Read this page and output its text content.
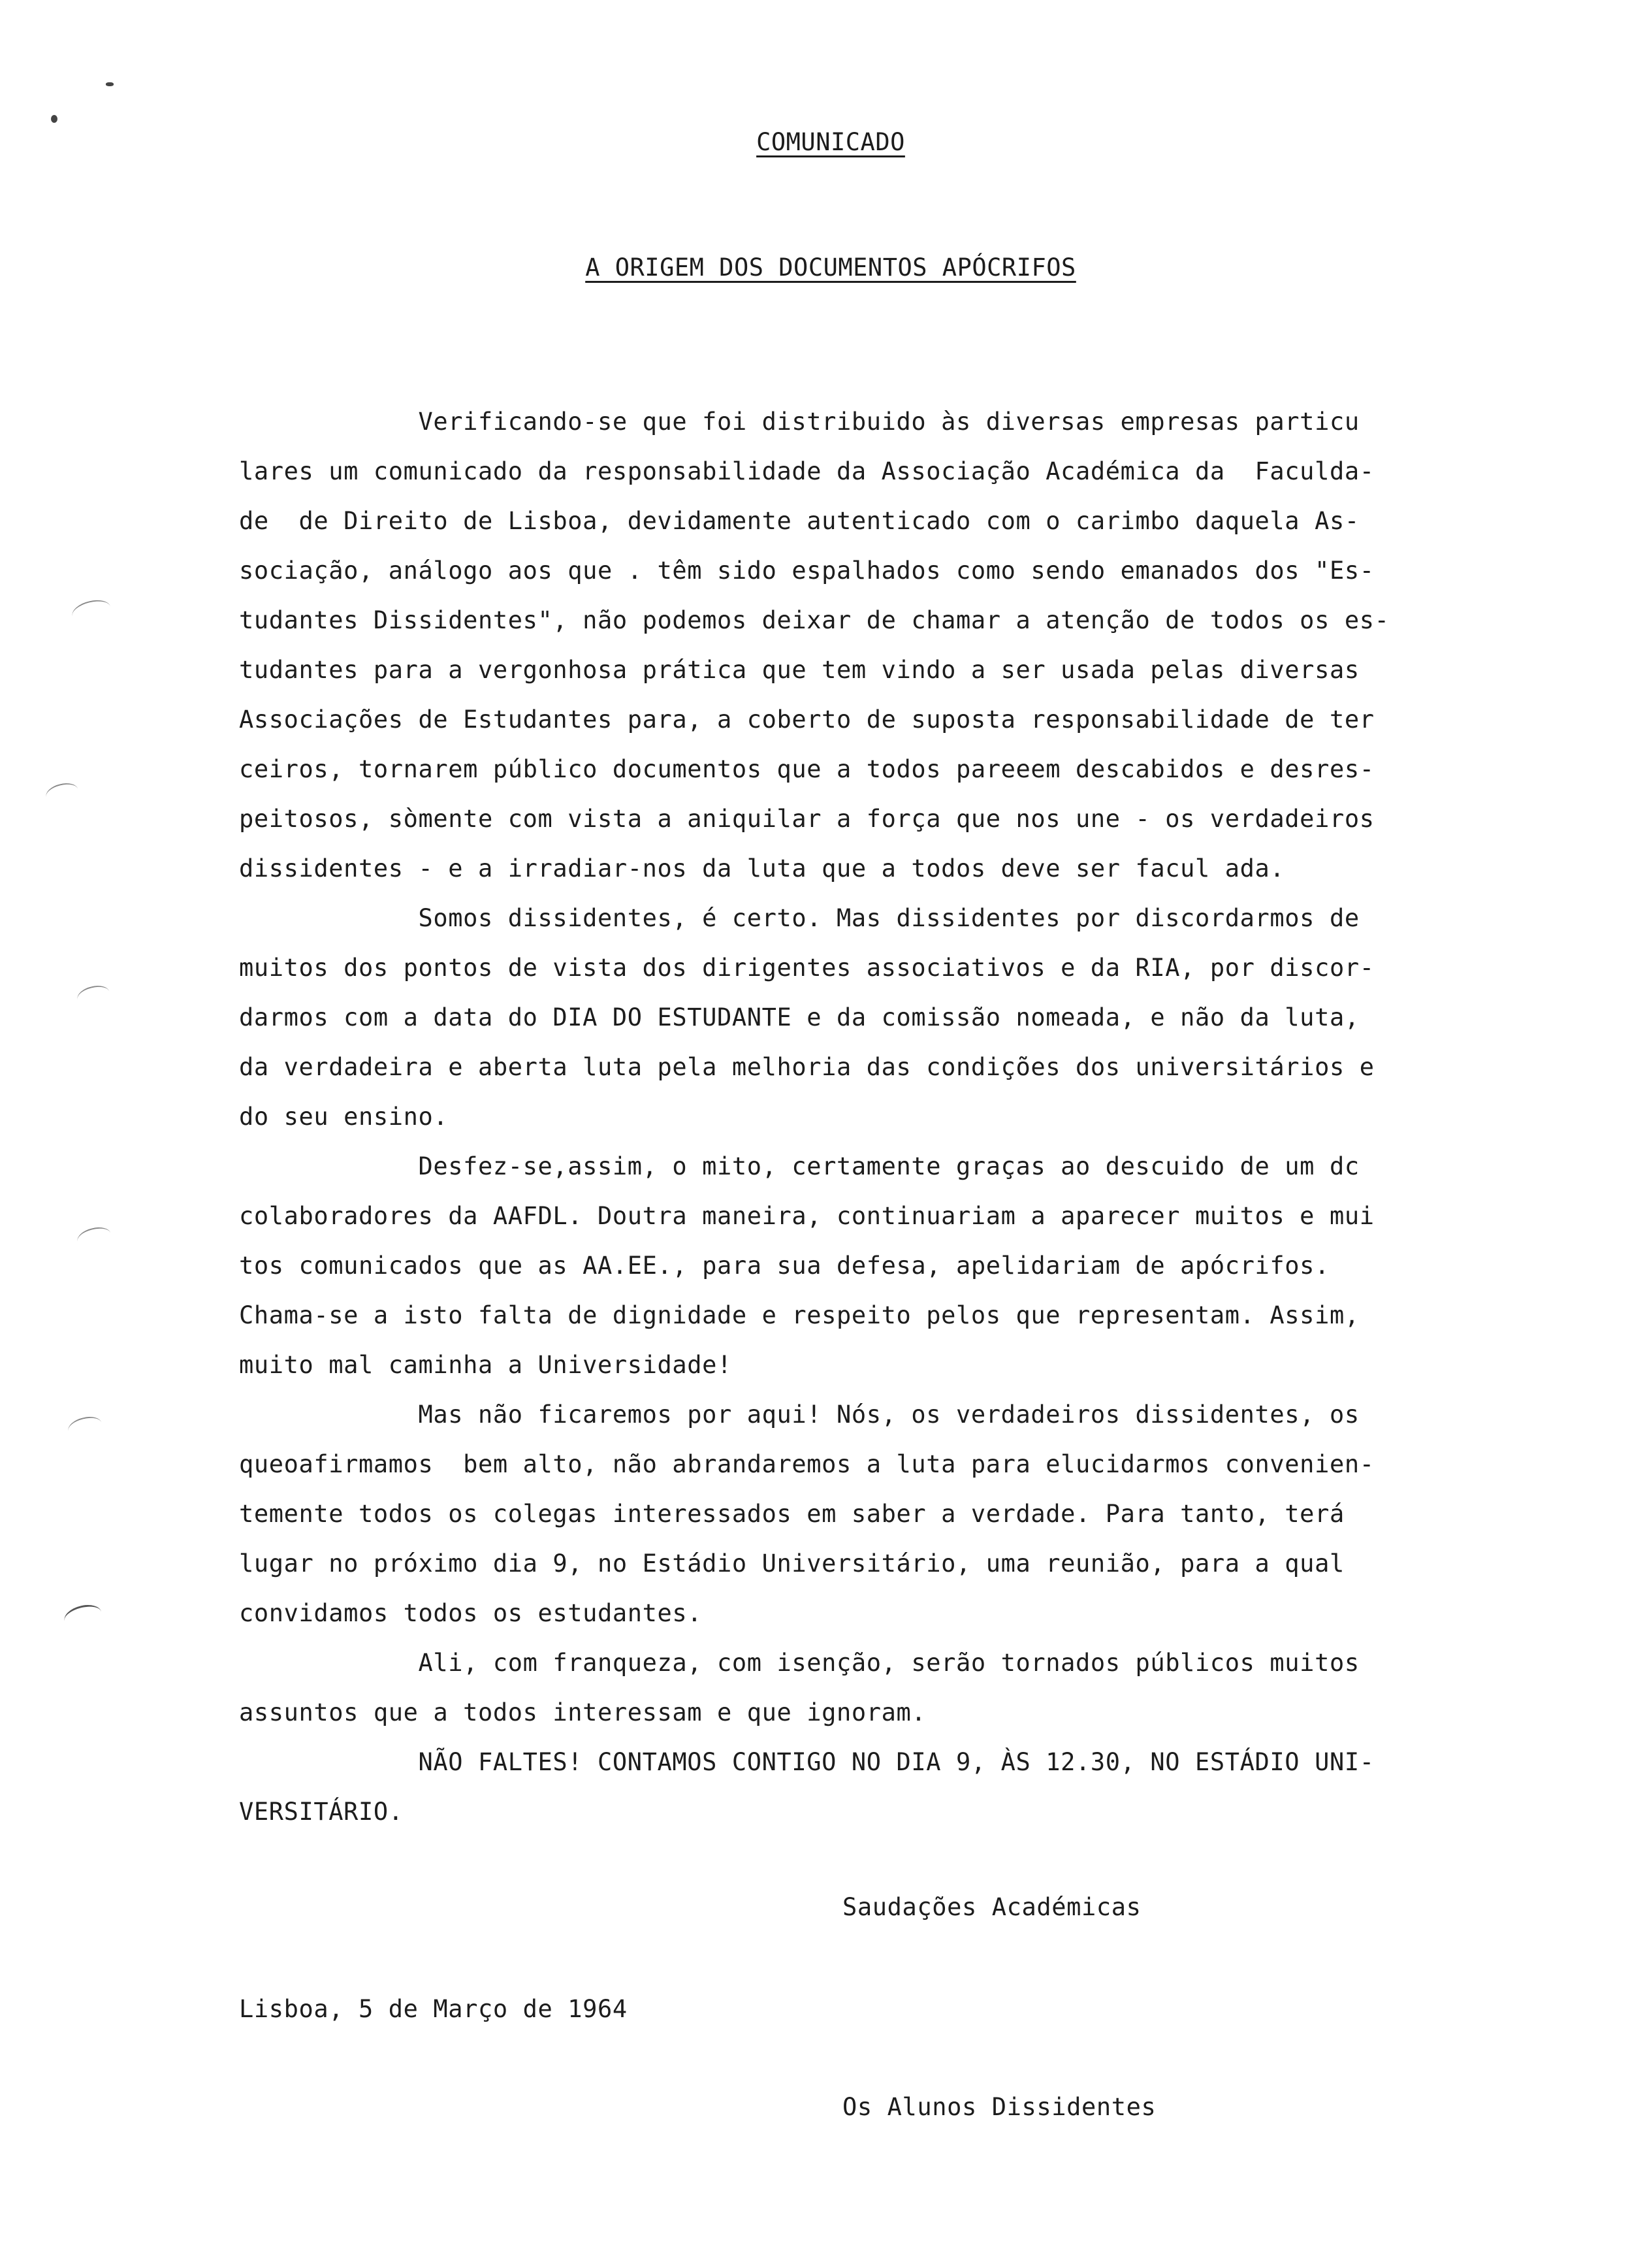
COMUNICADO
A ORIGEM DOS DOCUMENTOS APÓCRIFOS
Verificando-se que foi distribuido às diversas empresas particu
lares um comunicado da responsabilidade da Associação Académica da  Faculda-
de  de Direito de Lisboa, devidamente autenticado com o carimbo daquela As-
sociação, análogo aos que . têm sido espalhados como sendo emanados dos "Es-
tudantes Dissidentes", não podemos deixar de chamar a atenção de todos os es-
tudantes para a vergonhosa prática que tem vindo a ser usada pelas diversas
Associações de Estudantes para, a coberto de suposta responsabilidade de ter
ceiros, tornarem público documentos que a todos pareeem descabidos e desres-
peitosos, sòmente com vista a aniquilar a força que nos une - os verdadeiros
dissidentes - e a irradiar-nos da luta que a todos deve ser facul ada.
Somos dissidentes, é certo. Mas dissidentes por discordarmos de
muitos dos pontos de vista dos dirigentes associativos e da RIA, por discor-
darmos com a data do DIA DO ESTUDANTE e da comissão nomeada, e não da luta,
da verdadeira e aberta luta pela melhoria das condições dos universitários e
do seu ensino.
Desfez-se,assim, o mito, certamente graças ao descuido de um dc
colaboradores da AAFDL. Doutra maneira, continuariam a aparecer muitos e mui
tos comunicados que as AA.EE., para sua defesa, apelidariam de apócrifos.
Chama-se a isto falta de dignidade e respeito pelos que representam. Assim,
muito mal caminha a Universidade!
Mas não ficaremos por aqui! Nós, os verdadeiros dissidentes, os
queoafirmamos  bem alto, não abrandaremos a luta para elucidarmos convenien-
temente todos os colegas interessados em saber a verdade. Para tanto, terá
lugar no próximo dia 9, no Estádio Universitário, uma reunião, para a qual
convidamos todos os estudantes.
Ali, com franqueza, com isenção, serão tornados públicos muitos
assuntos que a todos interessam e que ignoram.
NÃO FALTES! CONTAMOS CONTIGO NO DIA 9, ÀS 12.30, NO ESTÁDIO UNI-
VERSITÁRIO.
Saudações Académicas
Lisboa, 5 de Março de 1964
Os Alunos Dissidentes
